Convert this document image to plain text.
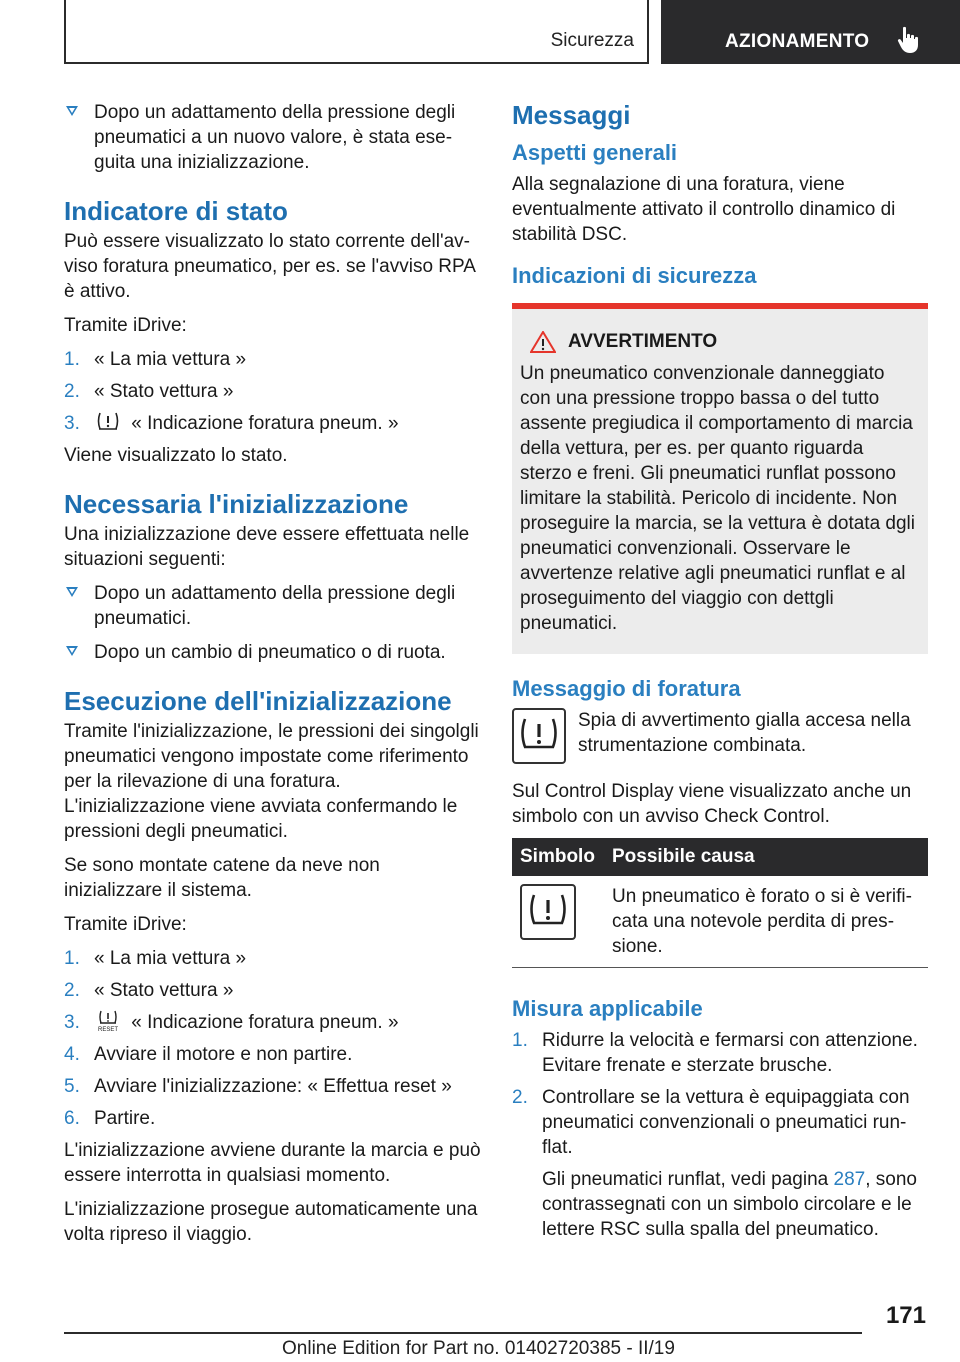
Sicurezza	AZIONAMENTO
Dopo un adattamento della pressione degli pneumatici a un nuovo valore, è stata eseguita una inizializzazione.
Indicatore di stato

Può essere visualizzato lo stato corrente dell'avviso foratura pneumatico, per es. se l'avviso RPA è attivo.

Tramite iDrive:

1. « La mia vettura »
2. « Stato vettura »
3.	« Indicazione foratura pneum. »

Viene visualizzato lo stato.

Necessaria l'inizializzazione

Una inizializzazione deve essere effettuata nelle situazioni seguenti:

Dopo un adattamento della pressione degli pneumatici.
Dopo un cambio di pneumatico o di ruota.
Esecuzione dell'inizializzazione

Tramite l'inizializzazione, le pressioni dei singolgli pneumatici vengono impostate come riferimento per la rilevazione di una foratura. L'inizializzazione viene avviata confermando le pressioni degli pneumatici.

Se sono montate catene da neve non inizializzare il sistema.

Tramite iDrive:

1. « La mia vettura »
2. « Stato vettura »
3.	RESET « Indicazione foratura pneum. »
4. Avviare il motore e non partire.
5. Avviare l'inizializzazione: « Effettua reset »
6. Partire.

L'inizializzazione avviene durante la marcia e può essere interrotta in qualsiasi momento.

L'inizializzazione prosegue automaticamente una volta ripreso il viaggio.

Messaggi
Aspetti generali

Alla segnalazione di una foratura, viene eventualmente attivato il controllo dinamico di stabilità DSC.

Indicazioni di sicurezza
AVVERTIMENTO
Un pneumatico convenzionale danneggiato con una pressione troppo bassa o del tutto assente pregiudica il comportamento di marcia della vettura, per es. per quanto riguarda sterzo e freni. Gli pneumatici runflat possono limitare la stabilità. Pericolo di incidente. Non proseguire la marcia, se la vettura è dotata dgli pneumatici convenzionali. Osservare le avvertenze relative agli pneumatici runflat e al proseguimento del viaggio con dettgli pneumatici.
Messaggio di foratura

Spia di avvertimento gialla accesa nella strumentazione combinata.

Sul Control Display viene visualizzato anche un simbolo con un avviso Check Control.

Simbolo	Possibile causa

	Un pneumatico è forato o si è verificata una notevole perdita di pressione.
Misura applicabile
1. Ridurre la velocità e fermarsi con attenzione. Evitare frenate e sterzate brusche.
2. Controllare se la vettura è equipaggiata con pneumatici convenzionali o pneumatici runflat.

Gli pneumatici runflat, vedi pagina 287, sono contrassegnati con un simbolo circolare e le lettere RSC sulla spalla del pneumatico.

171
Online Edition for Part no. 01402720385 - II/19
